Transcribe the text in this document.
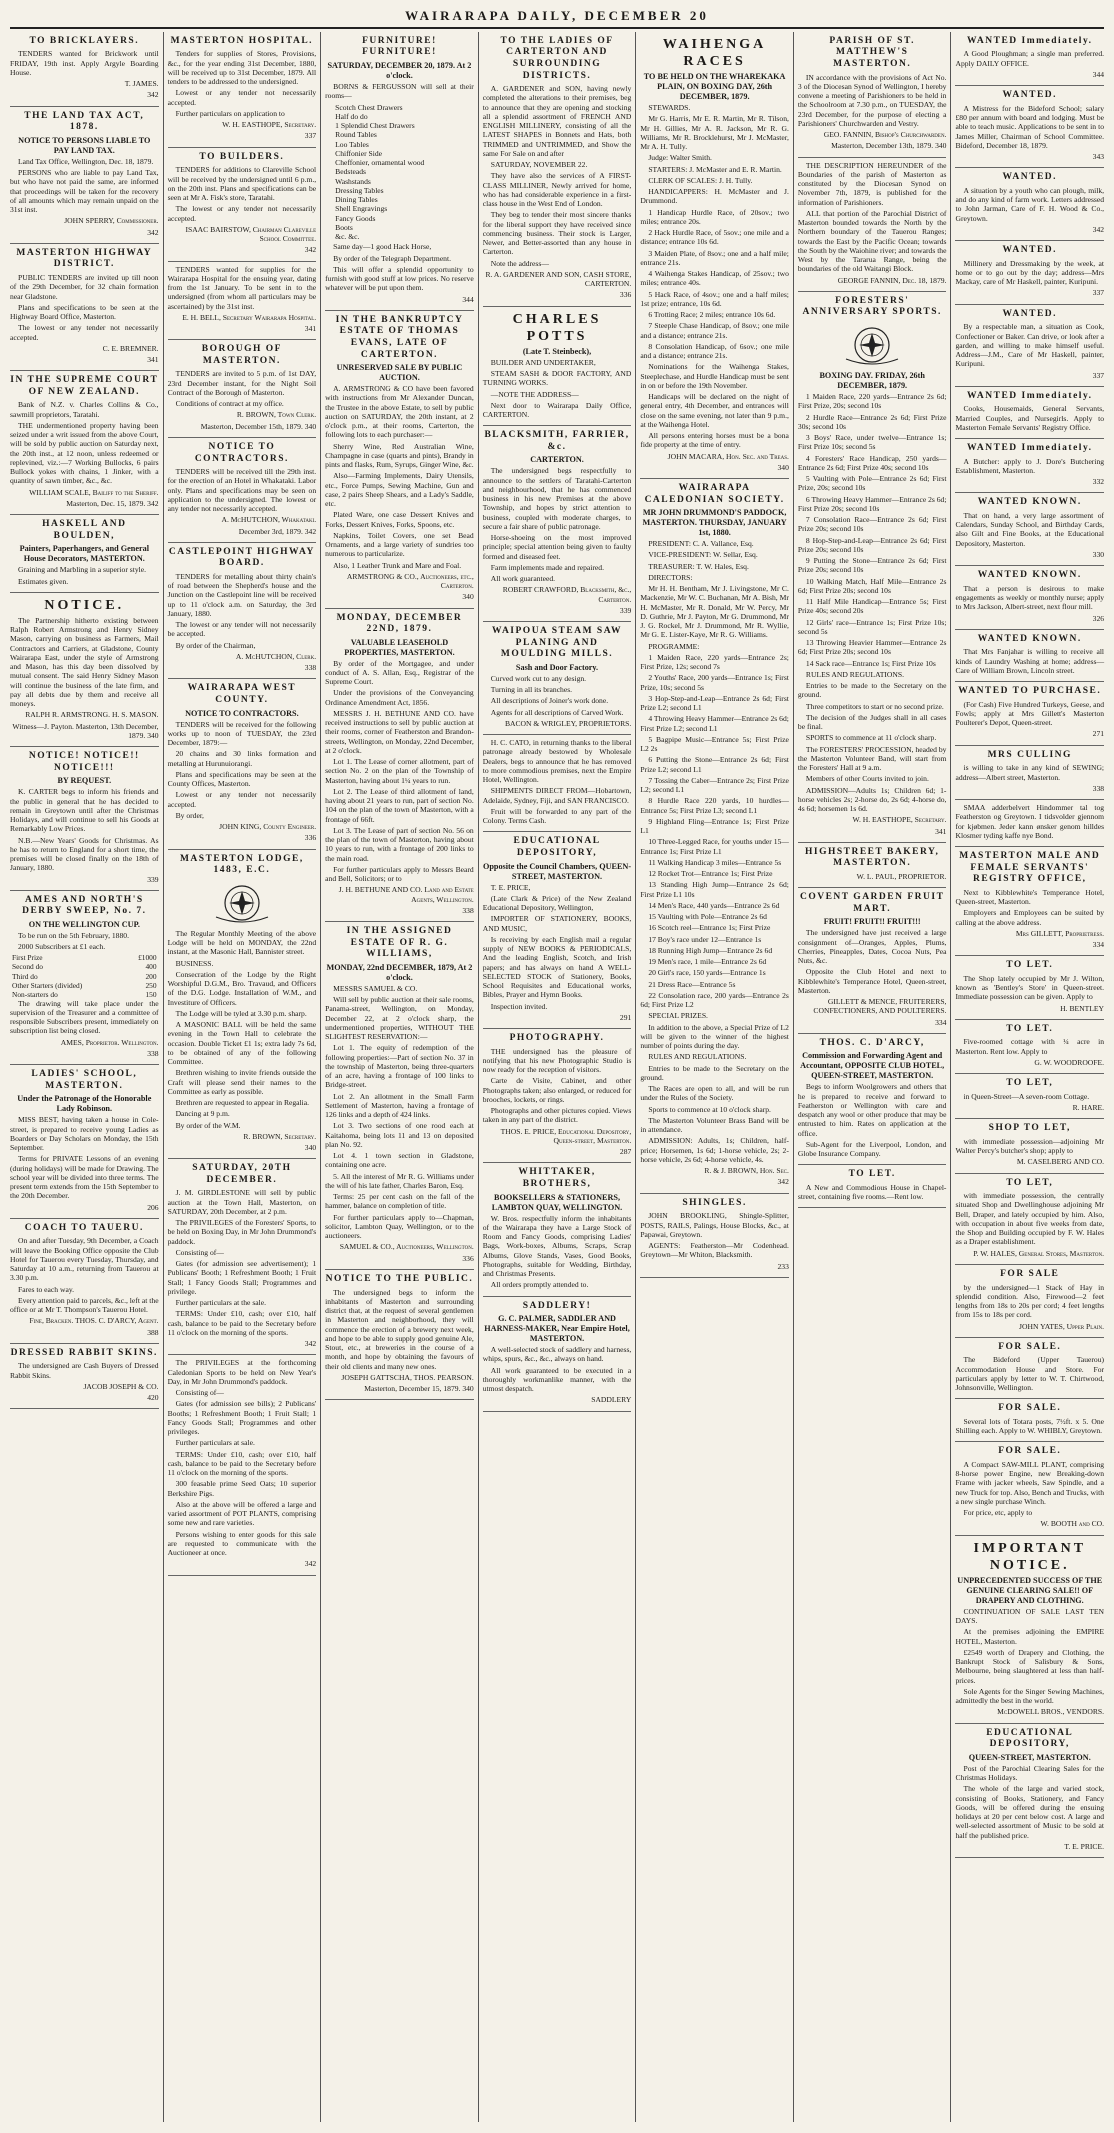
WAIRARAPA DAILY, DECEMBER 20
TO BRICKLAYERS.

TENDERS wanted for Brickwork until FRIDAY, 19th inst. Apply Argyle Boarding House.

T. JAMES.

342

THE LAND TAX ACT, 1878.
NOTICE TO PERSONS LIABLE TO PAY LAND TAX.

Land Tax Office, Wellington, Dec. 18, 1879.

PERSONS who are liable to pay Land Tax, but who have not paid the same, are informed that proceedings will be taken for the recovery of all amounts which may remain unpaid on the 31st inst.

JOHN SPERRY, Commissioner.

342

MASTERTON HIGHWAY DISTRICT.

PUBLIC TENDERS are invited up till noon of the 29th December, for 32 chain formation near Gladstone.

Plans and specifications to be seen at the Highway Board Office, Masterton.

The lowest or any tender not necessarily accepted.

C. E. BREMNER.

341

IN THE SUPREME COURT OF NEW ZEALAND.

Bank of N.Z. v. Charles Collins & Co., sawmill proprietors, Taratahi.

THE undermentioned property having been seized under a writ issued from the above Court, will be sold by public auction on Saturday next, the 20th inst., at 12 noon, unless redeemed or replevined, viz.:—7 Working Bullocks, 6 pairs Bullock yokes with chains, 1 Jinker, with a quantity of sawn timber, &c., &c.

WILLIAM SCALE, Bailiff to the Sheriff.

Masterton, Dec. 15, 1879. 342

HASKELL AND BOULDEN,
Painters, Paperhangers, and General House Decorators, MASTERTON.

Graining and Marbling in a superior style.

Estimates given.

NOTICE.

The Partnership hitherto existing between Ralph Robert Armstrong and Henry Sidney Mason, carrying on business as Farmers, Mail Contractors and Carriers, at Gladstone, County Wairarapa East, under the style of Armstrong and Mason, has this day been dissolved by mutual consent. The said Henry Sidney Mason will continue the business of the late firm, and pay all debts due by them and receive all moneys.

RALPH R. ARMSTRONG. H. S. MASON.

Witness—J. Payton. Masterton, 13th December, 1879. 340

NOTICE! NOTICE!! NOTICE!!!
BY REQUEST.

K. CARTER begs to inform his friends and the public in general that he has decided to remain in Greytown until after the Christmas Holidays, and will continue to sell his Goods at Remarkably Low Prices.

N.B.—New Years' Goods for Christmas. As he has to return to England for a short time, the premises will be closed finally on the 18th of January, 1880.

339

AMES AND NORTH'S DERBY SWEEP, No. 7.
ON THE WELLINGTON CUP.

To be run on the 5th February, 1880.

2000 Subscribers at £1 each.

First Prize	£1000
Second do	400
Third do	200
Other Starters (divided)	250
Non-starters do	150

The drawing will take place under the supervision of the Treasurer and a committee of responsible Subscribers present, immediately on subscription list being closed.

AMES, Proprietor. Wellington.

338

LADIES' SCHOOL, MASTERTON.
Under the Patronage of the Honorable Lady Robinson.

MISS BEST, having taken a house in Cole-street, is prepared to receive young Ladies as Boarders or Day Scholars on Monday, the 15th September.

Terms for PRIVATE Lessons of an evening (during holidays) will be made for Drawing. The school year will be divided into three terms. The present term extends from the 15th September to the 20th December.

206

COACH TO TAUERU.

On and after Tuesday, 9th December, a Coach will leave the Booking Office opposite the Club Hotel for Tauerou every Tuesday, Thursday, and Saturday at 10 a.m., returning from Tauerou at 3.30 p.m.

Fares to each way.

Every attention paid to parcels, &c., left at the office or at Mr T. Thompson's Tauerou Hotel.

Fine, Bracken. THOS. C. D'ARCY, Agent.

388

DRESSED RABBIT SKINS.

The undersigned are Cash Buyers of Dressed Rabbit Skins.

JACOB JOSEPH & CO.

420

MASTERTON HOSPITAL.

Tenders for supplies of Stores, Provisions, &c., for the year ending 31st December, 1880, will be received up to 31st December, 1879. All tenders to be addressed to the undersigned.

Lowest or any tender not necessarily accepted.

Further particulars on application to

W. H. EASTHOPE, Secretary.

337

TO BUILDERS.

TENDERS for additions to Clareville School will be received by the undersigned until 6 p.m., on the 20th inst. Plans and specifications can be seen at Mr A. Fisk's store, Taratahi.

The lowest or any tender not necessarily accepted.

ISAAC BAIRSTOW, Chairman Clareville School Committee.

342

TENDERS wanted for supplies for the Wairarapa Hospital for the ensuing year, dating from the 1st January. To be sent in to the undersigned (from whom all particulars may be ascertained) by the 31st inst.

E. H. BELL, Secretary Wairarapa Hospital.

341

BOROUGH OF MASTERTON.

TENDERS are invited to 5 p.m. of 1st DAY, 23rd December instant, for the Night Soil Contract of the Borough of Masterton.

Conditions of contract at my office.

R. BROWN, Town Clerk.

Masterton, December 15th, 1879. 340

NOTICE TO CONTRACTORS.

TENDERS will be received till the 29th inst. for the erection of an Hotel in Whakataki. Labor only. Plans and specifications may be seen on application to the undersigned. The lowest or any tender not necessarily accepted.

A. McHUTCHON, Whakataki.

December 3rd, 1879. 342

CASTLEPOINT HIGHWAY BOARD.

TENDERS for metalling about thirty chain's of road between the Shepherd's house and the Junction on the Castlepoint line will be received up to 11 o'clock a.m. on Saturday, the 3rd January, 1880.

The lowest or any tender will not necessarily be accepted.

By order of the Chairman,

A. McHUTCHON, Clerk.

338

WAIRARAPA WEST COUNTY.
NOTICE TO CONTRACTORS.

TENDERS will be received for the following works up to noon of TUESDAY, the 23rd December, 1879:—

20 chains and 30 links formation and metalling at Hurunuiorangi.

Plans and specifications may be seen at the County Offices, Masterton.

Lowest or any tender not necessarily accepted.

By order,

JOHN KING, County Engineer.

336

MASTERTON LODGE, 1483, E.C.

The Regular Monthly Meeting of the above Lodge will be held on MONDAY, the 22nd instant, at the Masonic Hall, Bannister street.

BUSINESS.

Consecration of the Lodge by the Right Worshipful D.G.M., Bro. Travaud, and Officers of the D.G. Lodge. Installation of W.M., and Investiture of Officers.

The Lodge will be tyled at 3.30 p.m. sharp.

A MASONIC BALL will be held the same evening in the Town Hall to celebrate the occasion. Double Ticket £1 1s; extra lady 7s 6d, to be obtained of any of the following Committee.

Brethren wishing to invite friends outside the Craft will please send their names to the Committee as early as possible.

Brethren are requested to appear in Regalia.

Dancing at 9 p.m.

By order of the W.M.

R. BROWN, Secretary.

340

SATURDAY, 20TH DECEMBER.

J. M. GIRDLESTONE will sell by public auction at the Town Hall, Masterton, on SATURDAY, 20th December, at 2 p.m.

The PRIVILEGES of the Foresters' Sports, to be held on Boxing Day, in Mr John Drummond's paddock.

Consisting of—

Gates (for admission see advertisement); 1 Publicans' Booth; 1 Refreshment Booth; 1 Fruit Stall; 1 Fancy Goods Stall; Programmes and privilege.

Further particulars at the sale.

TERMS: Under £10, cash; over £10, half cash, balance to be paid to the Secretary before 11 o'clock on the morning of the sports.

342

The PRIVILEGES at the forthcoming Caledonian Sports to be held on New Year's Day, in Mr John Drummond's paddock.

Consisting of—

Gates (for admission see bills); 2 Publicans' Booths; 1 Refreshment Booth; 1 Fruit Stall; 1 Fancy Goods Stall; Programmes and other privileges.

Further particulars at sale.

TERMS: Under £10, cash; over £10, half cash, balance to be paid to the Secretary before 11 o'clock on the morning of the sports.

300 feasable prime Seed Oats; 10 superior Berkshire Pigs.

Also at the above will be offered a large and varied assortment of POT PLANTS, comprising some new and rare varieties.

Persons wishing to enter goods for this sale are requested to communicate with the Auctioneer at once.

342

FURNITURE! FURNITURE!
SATURDAY, DECEMBER 20, 1879. At 2 o'clock.

BORNS & FERGUSSON will sell at their rooms—

Scotch Chest Drawers
Half do do
1 Splendid Chest Drawers
Round Tables
Loo Tables
Chiffonier Side
Cheffonier, ornamental wood
Bedsteads
Washstands
Dressing Tables
Dining Tables
Shell Engravings
Fancy Goods
Boots
&c. &c.

Same day—1 good Hack Horse,

By order of the Telegraph Department.

This will offer a splendid opportunity to furnish with good stuff at low prices. No reserve whatever will be put upon them.

344

IN THE BANKRUPTCY ESTATE OF THOMAS EVANS, LATE OF CARTERTON.
UNRESERVED SALE BY PUBLIC AUCTION.

A. ARMSTRONG & CO have been favored with instructions from Mr Alexander Duncan, the Trustee in the above Estate, to sell by public auction on SATURDAY, the 20th instant, at 2 o'clock p.m., at their rooms, Carterton, the following lots to each purchaser:—

Sherry Wine, Red Australian Wine, Champagne in case (quarts and pints), Brandy in pints and flasks, Rum, Syrups, Ginger Wine, &c.

Also—Farming Implements, Dairy Utensils, etc., Force Pumps, Sewing Machine, Gun and case, 2 pairs Sheep Shears, and a Lady's Saddle, etc.

Plated Ware, one case Dessert Knives and Forks, Dessert Knives, Forks, Spoons, etc.

Napkins, Toilet Covers, one set Bead Ornaments, and a large variety of sundries too numerous to particularize.

Also, 1 Leather Trunk and Mare and Foal.

ARMSTRONG & CO., Auctioneers, etc., Carterton.

340

MONDAY, DECEMBER 22ND, 1879.
VALUABLE LEASEHOLD PROPERTIES, MASTERTON.

By order of the Mortgagee, and under conduct of A. S. Allan, Esq., Registrar of the Supreme Court.

Under the provisions of the Conveyancing Ordinance Amendment Act, 1856.

MESSRS J. H. BETHUNE AND CO. have received instructions to sell by public auction at their rooms, corner of Featherston and Brandon-streets, Wellington, on Monday, 22nd December, at 2 o'clock.

Lot 1. The Lease of corner allotment, part of section No. 2 on the plan of the Township of Masterton, having about 1¼ years to run.

Lot 2. The Lease of third allotment of land, having about 21 years to run, part of section No. 104 on the plan of the town of Masterton, with a frontage of 66ft.

Lot 3. The Lease of part of section No. 56 on the plan of the town of Masterton, having about 10 years to run, with a frontage of 200 links to the main road.

For further particulars apply to Messrs Beard and Bell, Solicitors; or to

J. H. BETHUNE AND CO. Land and Estate Agents, Wellington.

338

IN THE ASSIGNED ESTATE OF R. G. WILLIAMS,
MONDAY, 22nd DECEMBER, 1879, At 2 o'clock.

MESSRS SAMUEL & CO.

Will sell by public auction at their sale rooms, Panama-street, Wellington, on Monday, December 22, at 2 o'clock sharp, the undermentioned properties, WITHOUT THE SLIGHTEST RESERVATION:—

Lot 1. The equity of redemption of the following properties:—Part of section No. 37 in the township of Masterton, being three-quarters of an acre, having a frontage of 100 links to Bridge-street.

Lot 2. An allotment in the Small Farm Settlement of Masterton, having a frontage of 126 links and a depth of 424 links.

Lot 3. Two sections of one rood each at Kaitahoma, being lots 11 and 13 on deposited plan No. 92.

Lot 4. 1 town section in Gladstone, containing one acre.

5. All the interest of Mr R. G. Williams under the will of his late father, Charles Baron, Esq.

Terms: 25 per cent cash on the fall of the hammer, balance on completion of title.

For further particulars apply to—Chapman, solicitor, Lambton Quay, Wellington, or to the auctioneers.

SAMUEL & CO., Auctioneers, Wellington.

336

NOTICE TO THE PUBLIC.

The undersigned begs to inform the inhabitants of Masterton and surrounding district that, at the request of several gentlemen in Masterton and neighborhood, they will commence the erection of a brewery next week, and hope to be able to supply good genuine Ale, Stout, etc., at breweries in the course of a month, and hope by obtaining the favours of their old clients and many new ones.

JOSEPH GATTSCHA, THOS. PEARSON.

Masterton, December 15, 1879. 340

TO THE LADIES OF CARTERTON AND SURROUNDING DISTRICTS.

A. GARDENER and SON, having newly completed the alterations to their premises, beg to announce that they are opening and stocking all a splendid assortment of FRENCH AND ENGLISH MILLINERY, consisting of all the LATEST SHAPES in Bonnets and Hats, both TRIMMED and UNTRIMMED, and Show the same For Sale on and after

SATURDAY, NOVEMBER 22.

They have also the services of A FIRST-CLASS MILLINER, Newly arrived for home, who has had considerable experience in a first-class house in the West End of London.

They beg to tender their most sincere thanks for the liberal support they have received since commencing business. Their stock is Larger, Newer, and Better-assorted than any house in Carterton.

Note the address—

R. A. GARDENER AND SON, CASH STORE, CARTERTON.

336

CHARLES POTTS
(Late T. Steinbeck),

BUILDER AND UNDERTAKER,

STEAM SASH & DOOR FACTORY, AND TURNING WORKS.

—NOTE THE ADDRESS—

Next door to Wairarapa Daily Office, CARTERTON.

BLACKSMITH, FARRIER, &c.
CARTERTON.

The undersigned begs respectfully to announce to the settlers of Taratahi-Carterton and neighbourhood, that he has commenced business in his new Premises at the above Township, and hopes by strict attention to business, coupled with moderate charges, to secure a fair share of public patronage.

Horse-shoeing on the most improved principle; special attention being given to faulty formed and diseased feet.

Farm implements made and repaired.

All work guaranteed.

ROBERT CRAWFORD, Blacksmith, &c., Carterton.

339

WAIPOUA STEAM SAW PLANING AND MOULDING MILLS.
Sash and Door Factory.

Curved work cut to any design.

Turning in all its branches.

All descriptions of Joiner's work done.

Agents for all descriptions of Carved Work.

BACON & WRIGLEY, PROPRIETORS.

H. C. CATO, in returning thanks to the liberal patronage already bestowed by Wholesale Dealers, begs to announce that he has removed to more commodious premises, next the Empire Hotel, Wellington.

SHIPMENTS DIRECT FROM—Hobartown, Adelaide, Sydney, Fiji, and SAN FRANCISCO.

Fruit will be forwarded to any part of the Colony. Terms Cash.

EDUCATIONAL DEPOSITORY,
Opposite the Council Chambers, QUEEN-STREET, MASTERTON.

T. E. PRICE,

(Late Clark & Price) of the New Zealand Educational Depository, Wellington,

IMPORTER OF STATIONERY, BOOKS, AND MUSIC,

Is receiving by each English mail a regular supply of NEW BOOKS & PERIODICALS, And the leading English, Scotch, and Irish papers; and has always on hand A WELL-SELECTED STOCK of Stationery, Books, School Requisites and Educational works, Bibles, Prayer and Hymn Books.

Inspection invited.

291

PHOTOGRAPHY.

THE undersigned has the pleasure of notifying that his new Photographic Studio is now ready for the reception of visitors.

Carte de Visite, Cabinet, and other Photographs taken; also enlarged, or reduced for brooches, lockets, or rings.

Photographs and other pictures copied. Views taken in any part of the district.

THOS. E. PRICE, Educational Depository, Queen-street, Masterton.

287

WHITTAKER, BROTHERS,
BOOKSELLERS & STATIONERS, LAMBTON QUAY, WELLINGTON.

W. Bros. respectfully inform the inhabitants of the Wairarapa they have a Large Stock of Room and Fancy Goods, comprising Ladies' Bags, Work-boxes, Albums, Scraps, Scrap Albums, Glove Stands, Vases, Good Books, Photographs, suitable for Wedding, Birthday, and Christmas Presents.

All orders promptly attended to.

SADDLERY!
G. C. PALMER, SADDLER AND HARNESS-MAKER, Near Empire Hotel, MASTERTON.

A well-selected stock of saddlery and harness, whips, spurs, &c., &c., always on hand.

All work guaranteed to be executed in a thoroughly workmanlike manner, with the utmost despatch.

SADDLERY

WAIHENGA RACES
TO BE HELD ON THE WHAREKAKA PLAIN, ON BOXING DAY, 26th DECEMBER, 1879.

STEWARDS.

Mr G. Harris, Mr E. R. Martin, Mr R. Tilson, Mr H. Gillies, Mr A. R. Jackson, Mr R. G. Williams, Mr R. Brocklehurst, Mr J. McMaster, Mr A. H. Tully.

Judge: Walter Smith.

STARTERS: J. McMaster and E. R. Martin.

CLERK OF SCALES: J. H. Tully.

HANDICAPPERS: H. McMaster and J. Drummond.

1 Handicap Hurdle Race, of 20sov.; two miles; entrance 20s.

2 Hack Hurdle Race, of 5sov.; one mile and a distance; entrance 10s 6d.

3 Maiden Plate, of 8sov.; one and a half mile; entrance 21s.

4 Waihenga Stakes Handicap, of 25sov.; two miles; entrance 40s.

5 Hack Race, of 4sov.; one and a half miles; 1st prize; entrance, 10s 6d.

6 Trotting Race; 2 miles; entrance 10s 6d.

7 Steeple Chase Handicap, of 8sov.; one mile and a distance; entrance 21s.

8 Consolation Handicap, of 6sov.; one mile and a distance; entrance 21s.

Nominations for the Waihenga Stakes, Steeplechase, and Hurdle Handicap must be sent in on or before the 19th November.

Handicaps will be declared on the night of general entry, 4th December, and entrances will close on the same evening, not later than 9 p.m., at the Waihenga Hotel.

All persons entering horses must be a bona fide property at the time of entry.

JOHN MACARA, Hon. Sec. and Treas.

340

WAIRARAPA CALEDONIAN SOCIETY.
MR JOHN DRUMMOND'S PADDOCK, MASTERTON. THURSDAY, JANUARY 1st, 1880.

PRESIDENT: C. A. Vallance, Esq.

VICE-PRESIDENT: W. Sellar, Esq.

TREASURER: T. W. Hales, Esq.

DIRECTORS:

Mr H. H. Bentham, Mr J. Livingstone, Mr C. Mackenzie, Mr W. C. Buchanan, Mr A. Bish, Mr H. McMaster, Mr R. Donald, Mr W. Percy, Mr D. Guthrie, Mr J. Payton, Mr G. Drummond, Mr J. G. Rockel, Mr J. Drummond, Mr R. Wyllie, Mr G. E. Lister-Kaye, Mr R. G. Williams.

PROGRAMME:

1 Maiden Race, 220 yards—Entrance 2s; First Prize, 12s; second 7s

2 Youths' Race, 200 yards—Entrance 1s; First Prize, 10s; second 5s

3 Hop-Step-and-Leap—Entrance 2s 6d; First Prize L2; second L1

4 Throwing Heavy Hammer—Entrance 2s 6d; First Prize L2; second L1

5 Bagpipe Music—Entrance 5s; First Prize L2 2s

6 Putting the Stone—Entrance 2s 6d; First Prize L2; second L1

7 Tossing the Caber—Entrance 2s; First Prize L2; second L1

8 Hurdle Race 220 yards, 10 hurdles—Entrance 5s; First Prize L3; second L1

9 Highland Fling—Entrance 1s; First Prize L1

10 Three-Legged Race, for youths under 15—Entrance 1s; First Prize L1

11 Walking Handicap 3 miles—Entrance 5s

12 Rocket Trot—Entrance 1s; First Prize

13 Standing High Jump—Entrance 2s 6d; First Prize L1 10s

14 Men's Race, 440 yards—Entrance 2s 6d

15 Vaulting with Pole—Entrance 2s 6d

16 Scotch reel—Entrance 1s; First Prize

17 Boy's race under 12—Entrance 1s

18 Running High Jump—Entrance 2s 6d

19 Men's race, 1 mile—Entrance 2s 6d

20 Girl's race, 150 yards—Entrance 1s

21 Dress Race—Entrance 5s

22 Consolation race, 200 yards—Entrance 2s 6d; First Prize L2

SPECIAL PRIZES.

In addition to the above, a Special Prize of L2 will be given to the winner of the highest number of points during the day.

RULES AND REGULATIONS.

Entries to be made to the Secretary on the ground.

The Races are open to all, and will be run under the Rules of the Society.

Sports to commence at 10 o'clock sharp.

The Masterton Volunteer Brass Band will be in attendance.

ADMISSION: Adults, 1s; Children, half-price; Horsemen, 1s 6d; 1-horse vehicle, 2s; 2-horse vehicle, 2s 6d; 4-horse vehicle, 4s.

R. & J. BROWN, Hon. Sec.

342

SHINGLES.

JOHN BROOKLING, Shingle-Splitter, POSTS, RAILS, Palings, House Blocks, &c., at Papawai, Greytown.

AGENTS: Featherston—Mr Codenhead. Greytown—Mr Whiton, Blacksmith.

233

PARISH OF ST. MATTHEW'S MASTERTON.

IN accordance with the provisions of Act No. 3 of the Diocesan Synod of Wellington, I hereby convene a meeting of Parishioners to be held in the Schoolroom at 7.30 p.m., on TUESDAY, the 23rd December, for the purpose of electing a Parishioners' Churchwarden and Vestry.

GEO. FANNIN, Bishop's Churchwarden.

Masterton, December 13th, 1879. 340

THE DESCRIPTION HEREUNDER of the Boundaries of the parish of Masterton as constituted by the Diocesan Synod on November 7th, 1879, is published for the information of Parishioners.

ALL that portion of the Parochial District of Masterton bounded towards the North by the Northern boundary of the Tauerou Ranges; towards the East by the Pacific Ocean; towards the South by the Waiohine river; and towards the West by the Tararua Range, being the boundaries of the old Waitangi Block.

GEORGE FANNIN, Dec. 18, 1879.

FORESTERS' ANNIVERSARY SPORTS.
BOXING DAY. FRIDAY, 26th DECEMBER, 1879.

1 Maiden Race, 220 yards—Entrance 2s 6d; First Prize, 20s; second 10s

2 Hurdle Race—Entrance 2s 6d; First Prize 30s; second 10s

3 Boys' Race, under twelve—Entrance 1s; First Prize 10s; second 5s

4 Foresters' Race Handicap, 250 yards—Entrance 2s 6d; First Prize 40s; second 10s

5 Vaulting with Pole—Entrance 2s 6d; First Prize, 20s; second 10s

6 Throwing Heavy Hammer—Entrance 2s 6d; First Prize 20s; second 10s

7 Consolation Race—Entrance 2s 6d; First Prize 20s; second 10s

8 Hop-Step-and-Leap—Entrance 2s 6d; First Prize 20s; second 10s

9 Putting the Stone—Entrance 2s 6d; First Prize 20s; second 10s

10 Walking Match, Half Mile—Entrance 2s 6d; First Prize 20s; second 10s

11 Half Mile Handicap—Entrance 5s; First Prize 40s; second 20s

12 Girls' race—Entrance 1s; First Prize 10s; second 5s

13 Throwing Heavier Hammer—Entrance 2s 6d; First Prize 20s; second 10s

14 Sack race—Entrance 1s; First Prize 10s

RULES AND REGULATIONS.

Entries to be made to the Secretary on the ground.

Three competitors to start or no second prize.

The decision of the Judges shall in all cases be final.

SPORTS to commence at 11 o'clock sharp.

The FORESTERS' PROCESSION, headed by the Masterton Volunteer Band, will start from the Foresters' Hall at 9 a.m.

Members of other Courts invited to join.

ADMISSION—Adults 1s; Children 6d; 1-horse vehicles 2s; 2-horse do, 2s 6d; 4-horse do, 4s 6d; horsemen 1s 6d.

W. H. EASTHOPE, Secretary.

341

HIGHSTREET BAKERY, MASTERTON.

W. L. PAUL, PROPRIETOR.

COVENT GARDEN FRUIT MART.
FRUIT! FRUIT!! FRUIT!!!

The undersigned have just received a large consignment of—Oranges, Apples, Plums, Cherries, Pineapples, Dates, Cocoa Nuts, Pea Nuts, &c.

Opposite the Club Hotel and next to Kibblewhite's Temperance Hotel, Queen-street, Masterton.

GILLETT & MENCE, FRUITERERS, CONFECTIONERS, AND POULTERERS.

334

THOS. C. D'ARCY,
Commission and Forwarding Agent and Accountant, OPPOSITE CLUB HOTEL, QUEEN-STREET, MASTERTON.

Begs to inform Woolgrowers and others that he is prepared to receive and forward to Featherston or Wellington with care and despatch any wool or other produce that may be entrusted to him. Rates on application at the office.

Sub-Agent for the Liverpool, London, and Globe Insurance Company.

TO LET.

A New and Commodious House in Chapel-street, containing five rooms.—Rent low.

WANTED Immediately.

A Good Ploughman; a single man preferred. Apply DAILY OFFICE.

344

WANTED.

A Mistress for the Bideford School; salary £80 per annum with board and lodging. Must be able to teach music. Applications to be sent in to James Miller, Chairman of School Committee. Bideford, December 18, 1879.

343

WANTED.

A situation by a youth who can plough, milk, and do any kind of farm work. Letters addressed to John Jarman, Care of F. H. Wood & Co., Greytown.

342

WANTED.

Millinery and Dressmaking by the week, at home or to go out by the day; address—Mrs Mackay, care of Mr Haskell, painter, Kuripuni.

337

WANTED.

By a respectable man, a situation as Cook, Confectioner or Baker. Can drive, or look after a garden, and willing to make himself useful. Address—J.M., Care of Mr Haskell, painter, Kuripuni.

337

WANTED Immediately.

Cooks, Housemaids, General Servants, Married Couples, and Nursegirls. Apply to Masterton Female Servants' Registry Office.

WANTED Immediately.

A Butcher: apply to J. Dore's Butchering Establishment, Masterton.

332

WANTED KNOWN.

That on hand, a very large assortment of Calendars, Sunday School, and Birthday Cards, also Gilt and Fine Books, at the Educational Depository, Masterton.

330

WANTED KNOWN.

That a person is desirous to make engagements as weekly or monthly nurse; apply to Mrs Jackson, Albert-street, next flour mill.

326

WANTED KNOWN.

That Mrs Fanjahar is willing to receive all kinds of Laundry Washing at home; address—Care of William Brown, Lincoln street.

WANTED TO PURCHASE.

(For Cash) Five Hundred Turkeys, Geese, and Fowls; apply at Mrs Gillett's Masterton Poulterer's Depot, Queen-street.

271

MRS CULLING

is willing to take in any kind of SEWING; address—Albert street, Masterton.

338

SMAA adderbelvert Hindommer tal tog Featherston og Greytown. I tidsvolder gjennom for kjøbmen. Jeder kann ønsker genom hilldes Klosmer tyding kaffe nye Bond.

MASTERTON MALE AND FEMALE SERVANTS' REGISTRY OFFICE,

Next to Kibblewhite's Temperance Hotel, Queen-street, Masterton.

Employers and Employees can be suited by calling at the above address.

Mrs GILLETT, Proprietress.

334

TO LET.

The Shop lately occupied by Mr J. Wilton, known as 'Bentley's Store' in Queen-street. Immediate possession can be given. Apply to

H. BENTLEY

TO LET.

Five-roomed cottage with ¼ acre in Masterton. Rent low. Apply to

G. W. WOODROOFE.

TO LET,

in Queen-Street—A seven-room Cottage.

R. HARE.

SHOP TO LET,

with immediate possession—adjoining Mr Walter Percy's butcher's shop; apply to

M. CASELBERG AND CO.

TO LET,

with immediate possession, the centrally situated Shop and Dwellinghouse adjoining Mr Bell, Draper, and lately occupied by him. Also, with occupation in about five weeks from date, the Shop and Building occupied by F. W. Hales as a Draper establishment.

P. W. HALES, General Stores, Masterton.

FOR SALE

by the undersigned—1 Stack of Hay in splendid condition. Also, Firewood—2 feet lengths from 18s to 20s per cord; 4 feet lengths from 15s to 18s per cord.

JOHN YATES, Upper Plain.

FOR SALE.

The Bideford (Upper Tauerou) Accommodation House and Store. For particulars apply by letter to W. T. Chirtwood, Johnsonville, Wellington.

FOR SALE.

Several lots of Totara posts, 7½ft. x 5. One Shilling each. Apply to W. WHIBLY, Greytown.

FOR SALE.

A Compact SAW-MILL PLANT, comprising 8-horse power Engine, new Breaking-down Frame with jacker wheels, Saw Spindle, and a new Truck for top. Also, Bench and Trucks, with a new single purchase Winch.

For price, etc, apply to

W. BOOTH and CO.

IMPORTANT NOTICE.
UNPRECEDENTED SUCCESS OF THE GENUINE CLEARING SALE!! OF DRAPERY AND CLOTHING.

CONTINUATION OF SALE LAST TEN DAYS.

At the premises adjoining the EMPIRE HOTEL, Masterton.

£2549 worth of Drapery and Clothing, the Bankrupt Stock of Salisbury & Sons, Melbourne, being slaughtered at less than half-prices.

Sole Agents for the Singer Sewing Machines, admittedly the best in the world.

McDOWELL BROS., VENDORS.

EDUCATIONAL DEPOSITORY,
QUEEN-STREET, MASTERTON.

Post of the Parochial Clearing Sales for the Christmas Holidays.

The whole of the large and varied stock, consisting of Books, Stationery, and Fancy Goods, will be offered during the ensuing holidays at 20 per cent below cost. A large and well-selected assortment of Music to be sold at half the published price.

T. E. PRICE.
